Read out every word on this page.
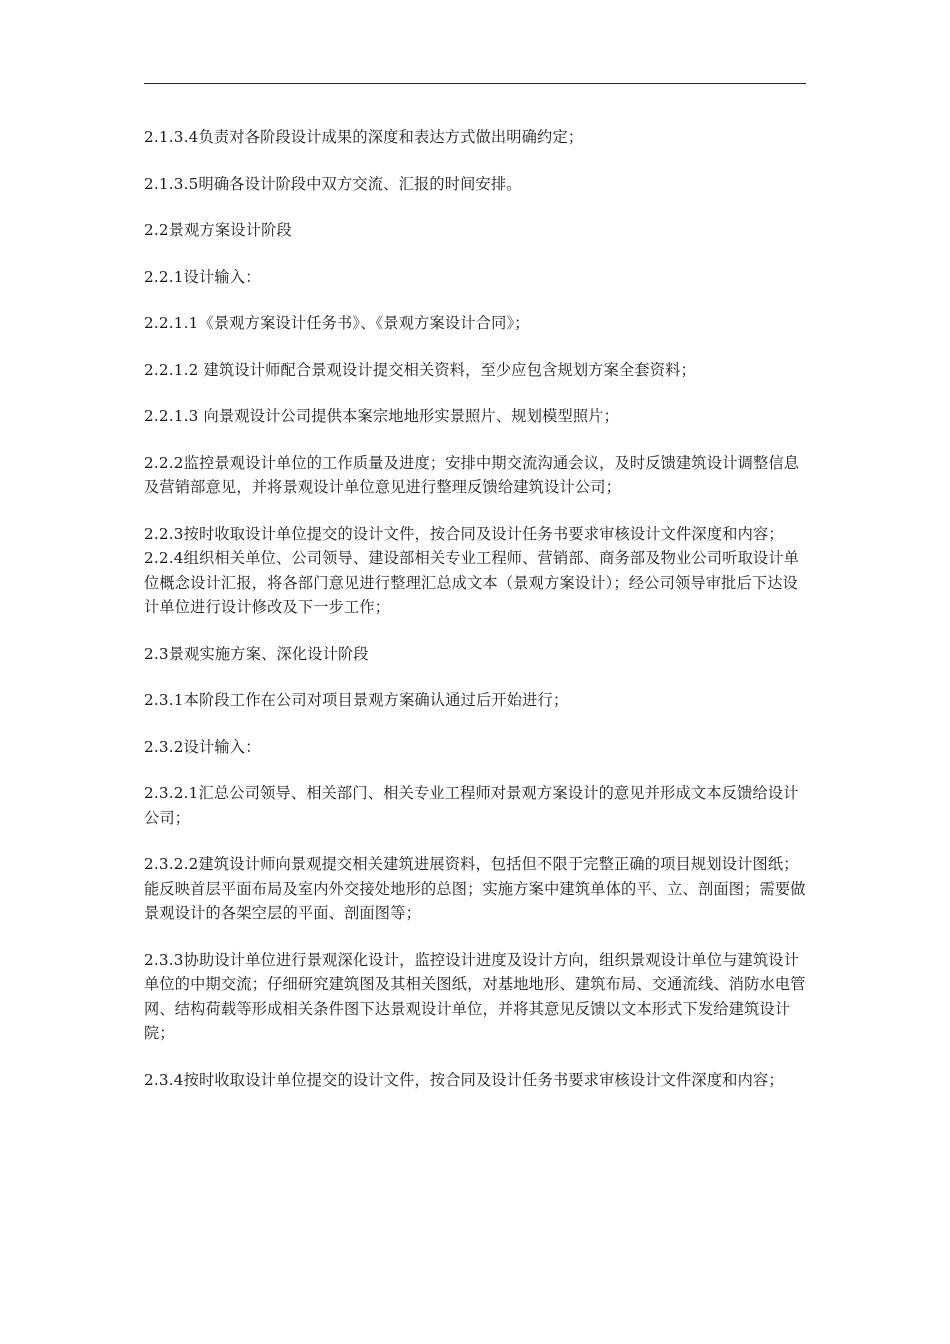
2.1.3.4负责对各阶段设计成果的深度和表达方式做出明确约定；

2.1.3.5明确各设计阶段中双方交流、汇报的时间安排。

2.2景观方案设计阶段

2.2.1设计输入：

2.2.1.1《景观方案设计任务书》、《景观方案设计合同》；

2.2.1.2 建筑设计师配合景观设计提交相关资料，至少应包含规划方案全套资料；

2.2.1.3 向景观设计公司提供本案宗地地形实景照片、规划模型照片；

2.2.2监控景观设计单位的工作质量及进度；安排中期交流沟通会议，及时反馈建筑设计调整信息及营销部意见，并将景观设计单位意见进行整理反馈给建筑设计公司；

2.2.3按时收取设计单位提交的设计文件，按合同及设计任务书要求审核设计文件深度和内容；

2.2.4组织相关单位、公司领导、建设部相关专业工程师、营销部、商务部及物业公司听取设计单位概念设计汇报，将各部门意见进行整理汇总成文本（景观方案设计）；经公司领导审批后下达设计单位进行设计修改及下一步工作；

2.3景观实施方案、深化设计阶段

2.3.1本阶段工作在公司对项目景观方案确认通过后开始进行；

2.3.2设计输入：

2.3.2.1汇总公司领导、相关部门、相关专业工程师对景观方案设计的意见并形成文本反馈给设计公司；

2.3.2.2建筑设计师向景观提交相关建筑进展资料，包括但不限于完整正确的项目规划设计图纸；能反映首层平面布局及室内外交接处地形的总图；实施方案中建筑单体的平、立、剖面图；需要做景观设计的各架空层的平面、剖面图等；

2.3.3协助设计单位进行景观深化设计，监控设计进度及设计方向，组织景观设计单位与建筑设计单位的中期交流；仔细研究建筑图及其相关图纸，对基地地形、建筑布局、交通流线、消防水电管网、结构荷载等形成相关条件图下达景观设计单位，并将其意见反馈以文本形式下发给建筑设计院；

2.3.4按时收取设计单位提交的设计文件，按合同及设计任务书要求审核设计文件深度和内容；
